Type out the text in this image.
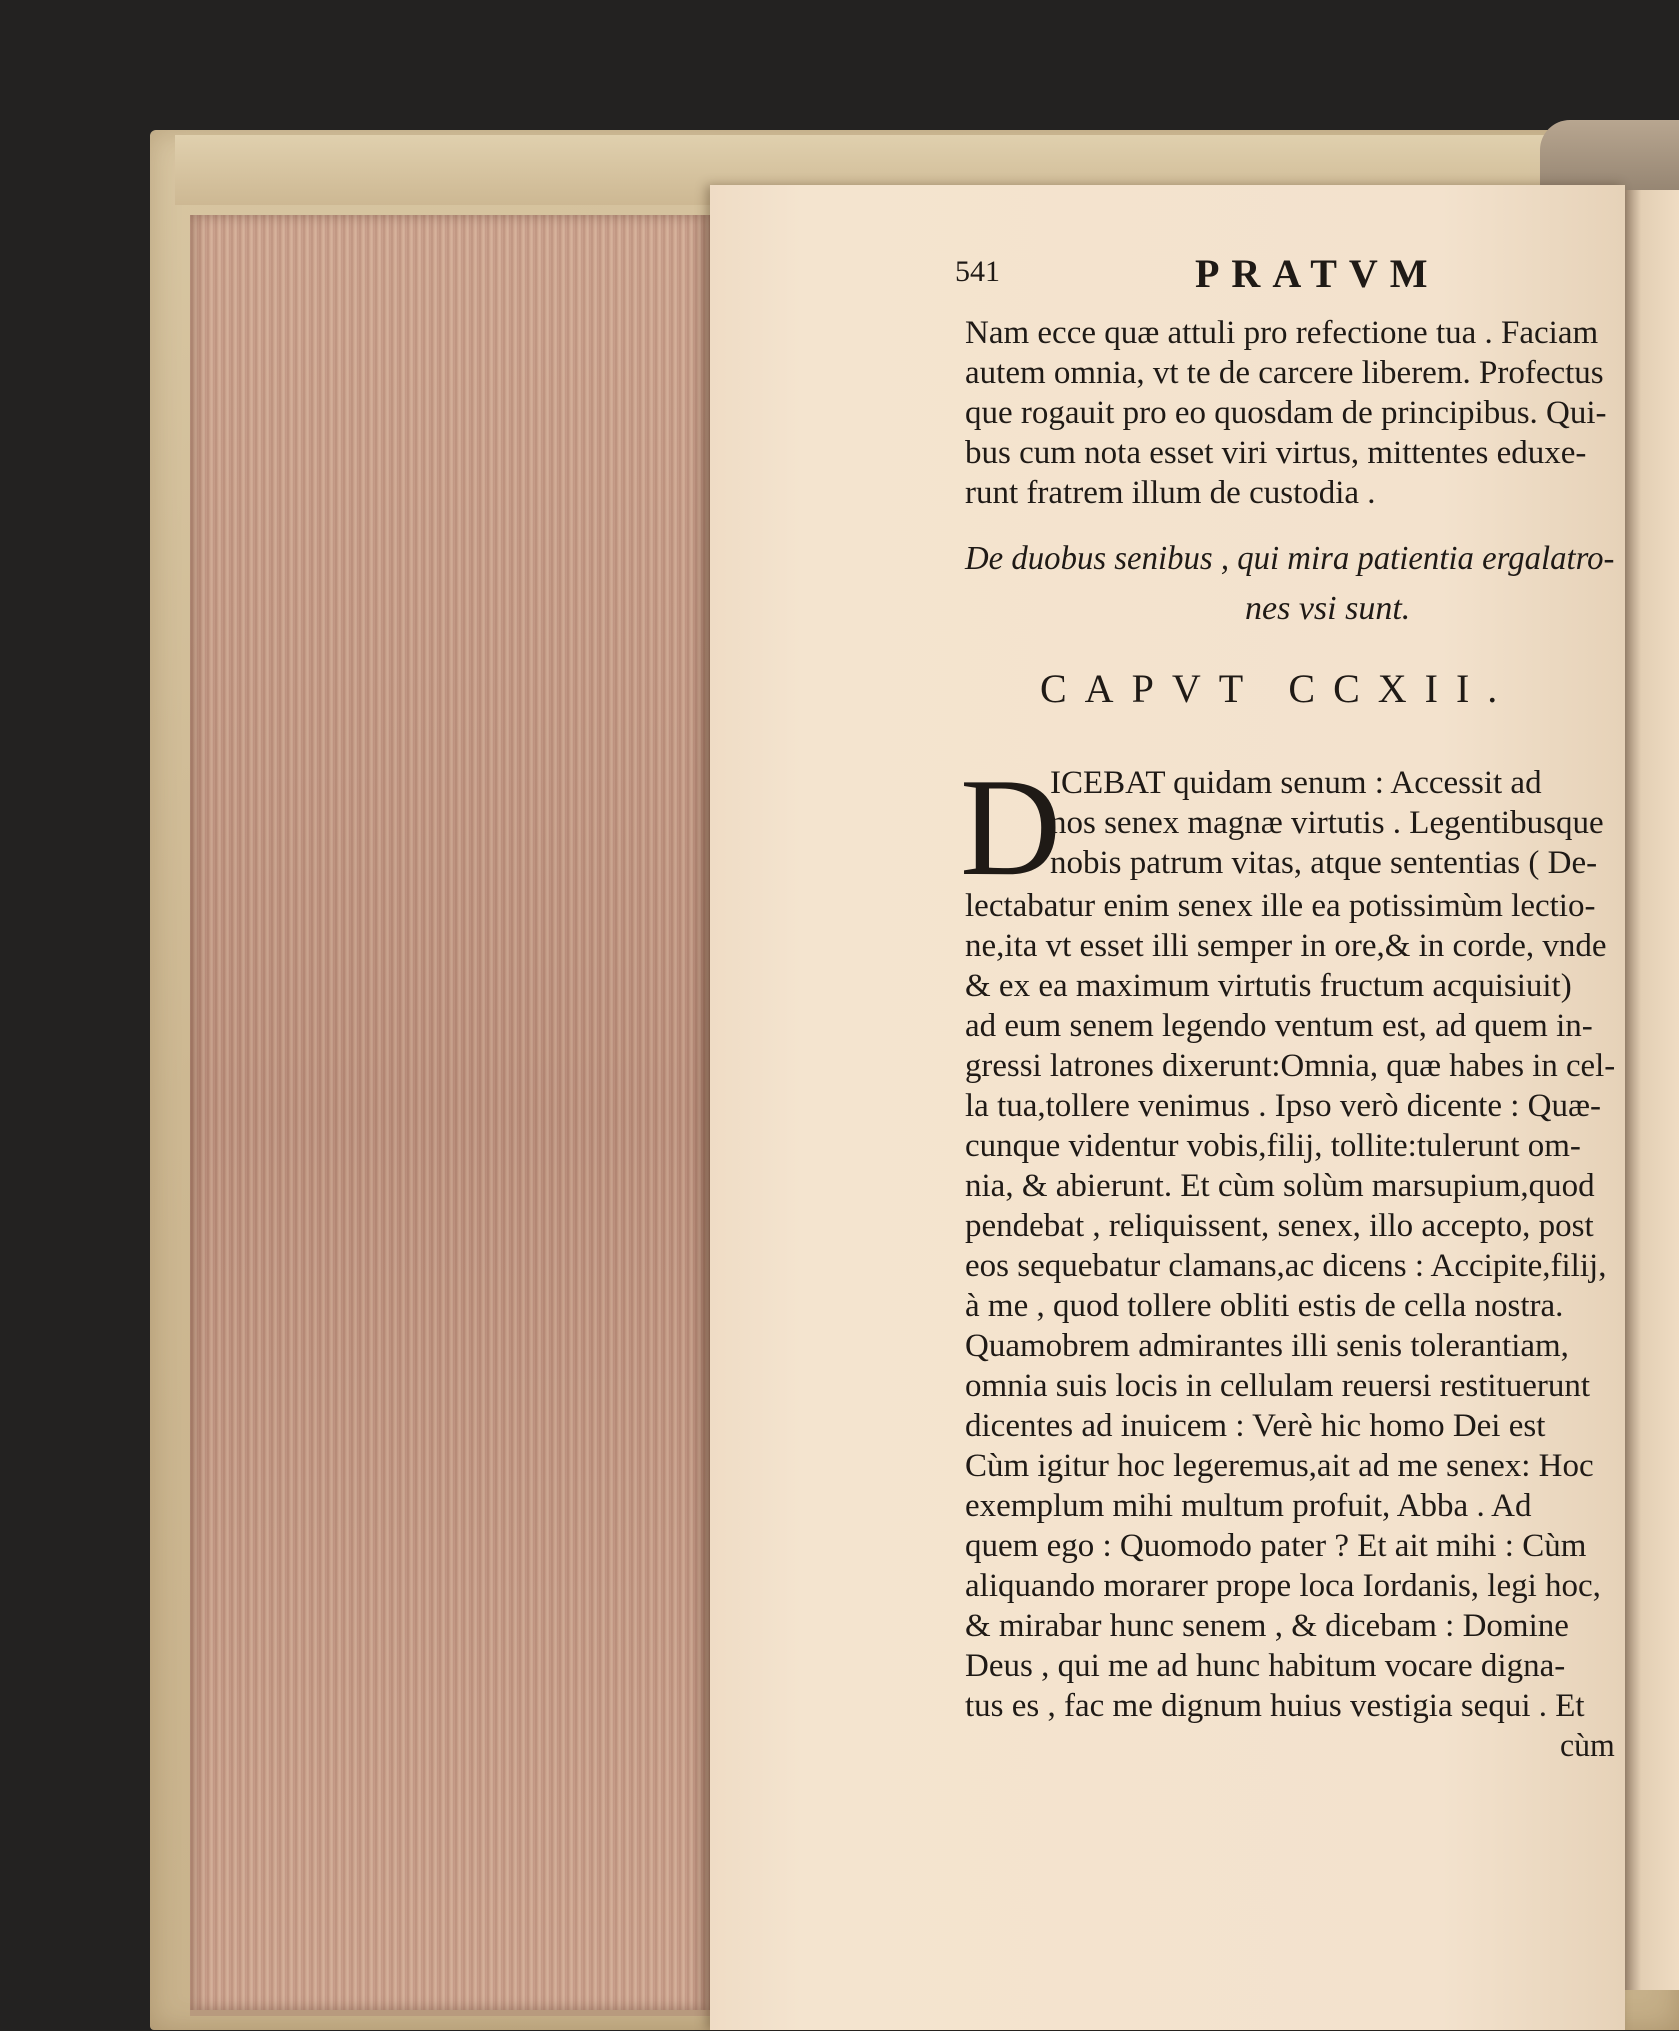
541	PRATVM
Nam ecce quæ attuli pro refectione tua . Faciam
autem omnia, vt te de carcere liberem. Profectus
que rogauit pro eo quosdam de principibus. Qui-
bus cum nota esset viri virtus, mittentes eduxe-
runt fratrem illum de custodia .
De duobus senibus , qui mira patientia ergalatro-
nes vsi sunt.
CAPVT CCXII.
D
ICEBAT quidam senum : Accessit ad
nos senex magnæ virtutis . Legentibusque
nobis patrum vitas, atque sententias ( De-
lectabatur enim senex ille ea potissimùm lectio-
ne,ita vt esset illi semper in ore,& in corde, vnde
& ex ea maximum virtutis fructum acquisiuit)
ad eum senem legendo ventum est, ad quem in-
gressi latrones dixerunt:Omnia, quæ habes in cel-
la tua,tollere venimus . Ipso verò dicente : Quæ-
cunque videntur vobis,filij, tollite:tulerunt om-
nia, & abierunt. Et cùm solùm marsupium,quod
pendebat , reliquissent, senex, illo accepto, post
eos sequebatur clamans,ac dicens : Accipite,filij,
à me , quod tollere obliti estis de cella nostra.
Quamobrem admirantes illi senis tolerantiam,
omnia suis locis in cellulam reuersi restituerunt
dicentes ad inuicem : Verè hic homo Dei est
Cùm igitur hoc legeremus,ait ad me senex: Hoc
exemplum mihi multum profuit, Abba . Ad
quem ego : Quomodo pater ? Et ait mihi : Cùm
aliquando morarer prope loca Iordanis, legi hoc,
& mirabar hunc senem , & dicebam : Domine
Deus , qui me ad hunc habitum vocare digna-
tus es , fac me dignum huius vestigia sequi . Et
cùm
